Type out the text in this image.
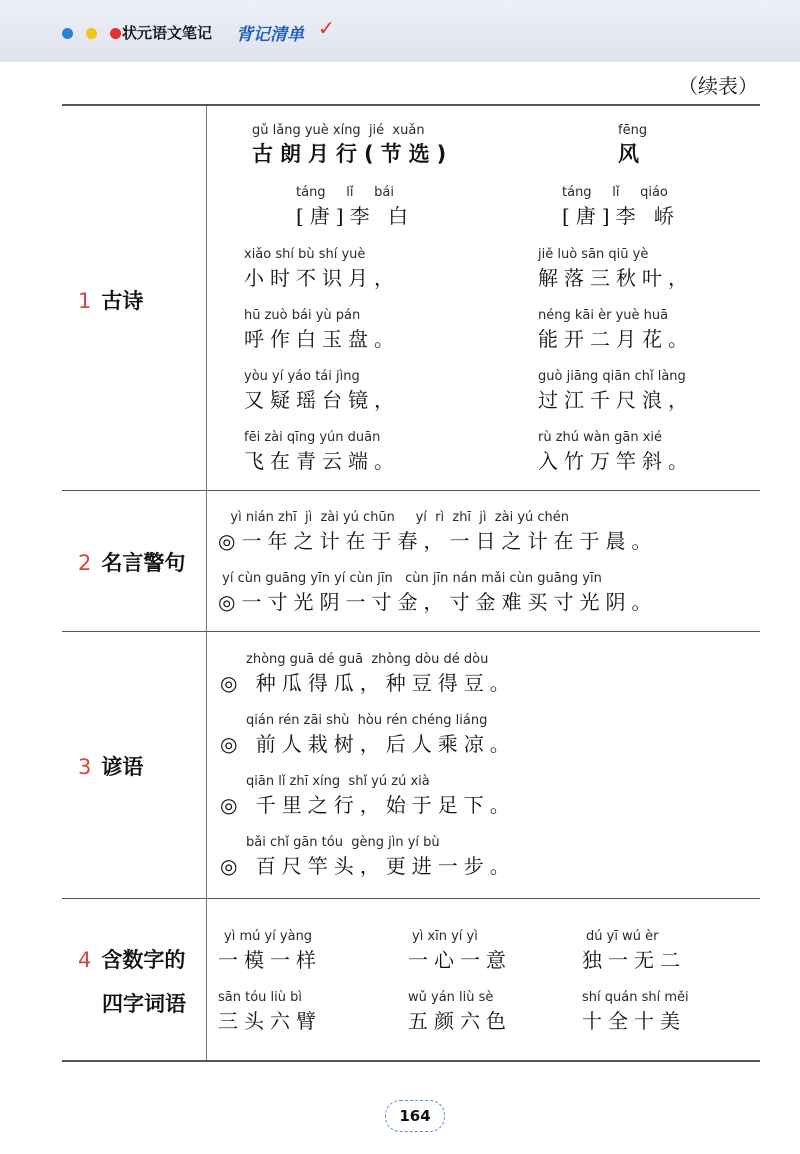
状元语文笔记 背记清单 ✓
（续表）
1 古诗
gǔ lǎng yuè xíng  jié  xuǎn
古朗月行(节选)
táng     lǐ     bái
[唐]李 白
xiǎo shí bù shí yuè
小时不识月，
hū zuò bái yù pán
呼作白玉盘。
yòu yí yáo tái jìng
又疑瑶台镜，
fēi zài qīng yún duān
飞在青云端。
fēng
风
táng     lǐ     qiáo
[唐]李 峤
jiě luò sān qiū yè
解落三秋叶，
néng kāi èr yuè huā
能开二月花。
guò jiāng qiān chǐ làng
过江千尺浪，
rù zhú wàn gān xié
入竹万竿斜。
2 名言警句
yì nián zhī  jì  zài yú chūn     yí  rì  zhī  jì  zài yú chén
◎一年之计在于春，一日之计在于晨。
yí cùn guāng yīn yí cùn jīn   cùn jīn nán mǎi cùn guāng yīn
◎一寸光阴一寸金，寸金难买寸光阴。
3 谚语
zhòng guā dé guā  zhòng dòu dé dòu
◎ 种瓜得瓜，种豆得豆。
qián rén zāi shù  hòu rén chéng liáng
◎ 前人栽树，后人乘凉。
qiān lǐ zhī xíng  shǐ yú zú xià
◎ 千里之行，始于足下。
bǎi chǐ gān tóu  gèng jìn yí bù
◎ 百尺竿头，更进一步。
4 含数字的
四字词语
yì mú yí yàng
一模一样
yì xīn yí yì
一心一意
dú yī wú èr
独一无二
sān tóu liù bì
三头六臂
wǔ yán liù sè
五颜六色
shí quán shí měi
十全十美
164
